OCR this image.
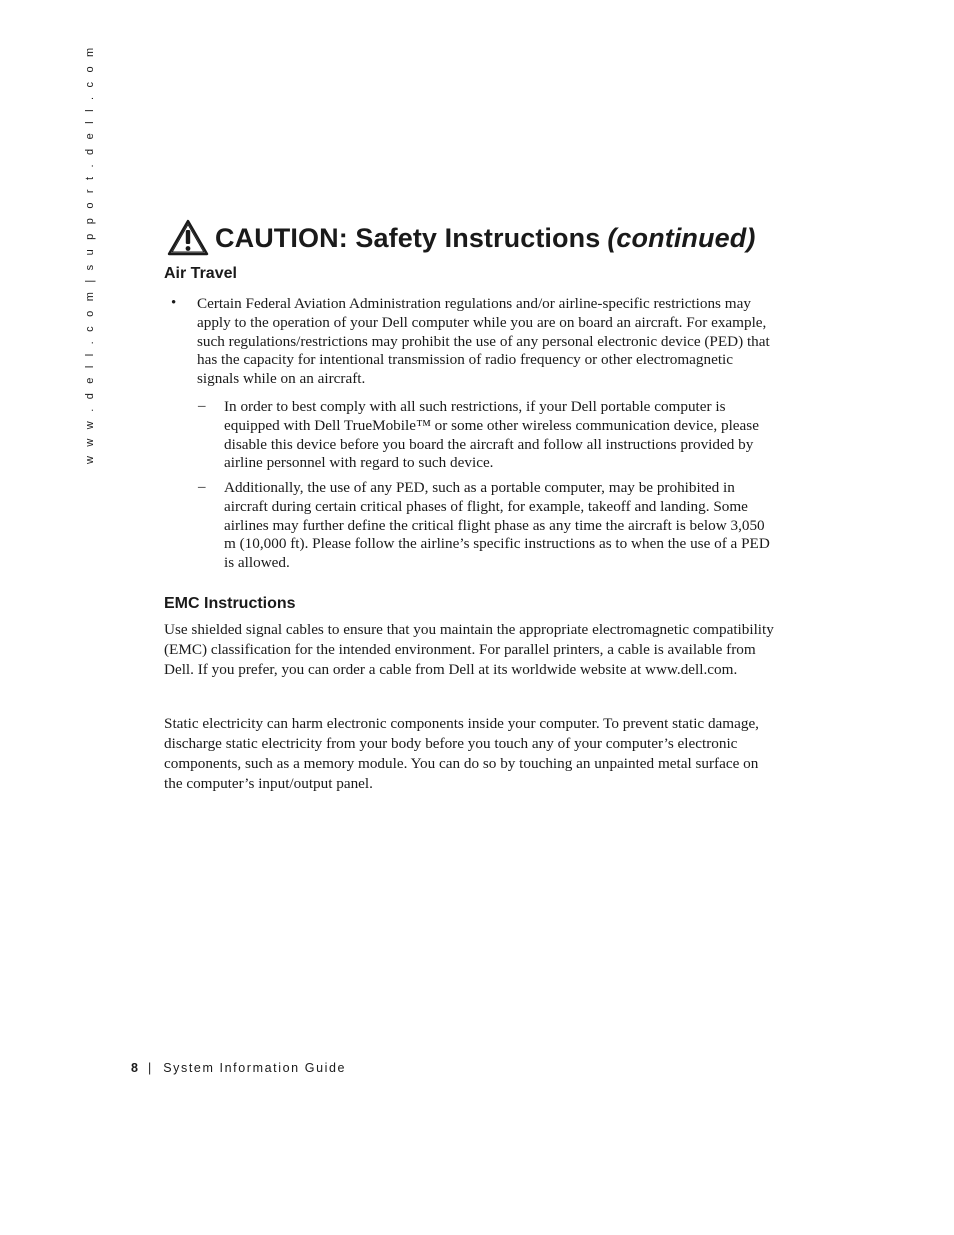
w w w . d e l l . c o m | s u p p o r t . d e l l . c o m	CAUTION: Safety Instructions (continued)
Air Travel
• Certain Federal Aviation Administration regulations and/or airline-specific restrictions may apply to the operation of your Dell computer while you are on board an aircraft. For example, such regulations/restrictions may prohibit the use of any personal electronic device (PED) that has the capacity for intentional transmission of radio frequency or other electromagnetic signals while on an aircraft.

– In order to best comply with all such restrictions, if your Dell portable computer is equipped with Dell TrueMobile™ or some other wireless communication device, please disable this device before you board the aircraft and follow all instructions provided by airline personnel with regard to such device.

– Additionally, the use of any PED, such as a portable computer, may be prohibited in aircraft during certain critical phases of flight, for example, takeoff and landing. Some airlines may further define the critical flight phase as any time the aircraft is below 3,050 m (10,000 ft). Please follow the airline’s specific instructions as to when the use of a PED is allowed.

EMC Instructions

Use shielded signal cables to ensure that you maintain the appropriate electromagnetic compatibility (EMC) classification for the intended environment. For parallel printers, a cable is available from Dell. If you prefer, you can order a cable from Dell at its worldwide website at www.dell.com.

Static electricity can harm electronic components inside your computer. To prevent static damage, discharge static electricity from your body before you touch any of your computer’s electronic components, such as a memory module. You can do so by touching an unpainted metal surface on the computer’s input/output panel.

8 | System Information Guide
